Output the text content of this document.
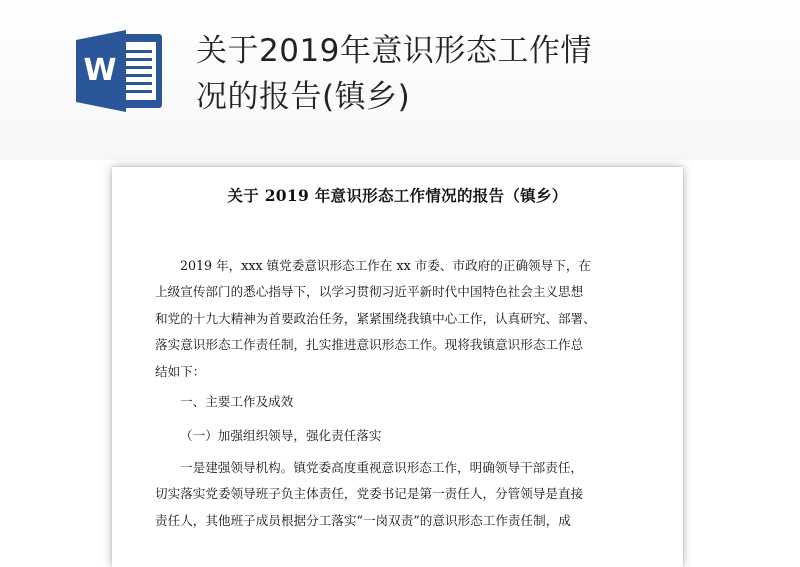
W
关于2019年意识形态工作情
况的报告(镇乡)
关于 2019 年意识形态工作情况的报告（镇乡）
2019 年，xxx 镇党委意识形态工作在 xx 市委、市政府的正确领导下，在
上级宣传部门的悉心指导下，以学习贯彻习近平新时代中国特色社会主义思想
和党的十九大精神为首要政治任务，紧紧围绕我镇中心工作，认真研究、部署、
落实意识形态工作责任制，扎实推进意识形态工作。现将我镇意识形态工作总
结如下：
一、主要工作及成效
（一）加强组织领导，强化责任落实
一是建强领导机构。镇党委高度重视意识形态工作，明确领导干部责任，
切实落实党委领导班子负主体责任，党委书记是第一责任人，分管领导是直接
责任人，其他班子成员根据分工落实“一岗双责”的意识形态工作责任制，成
